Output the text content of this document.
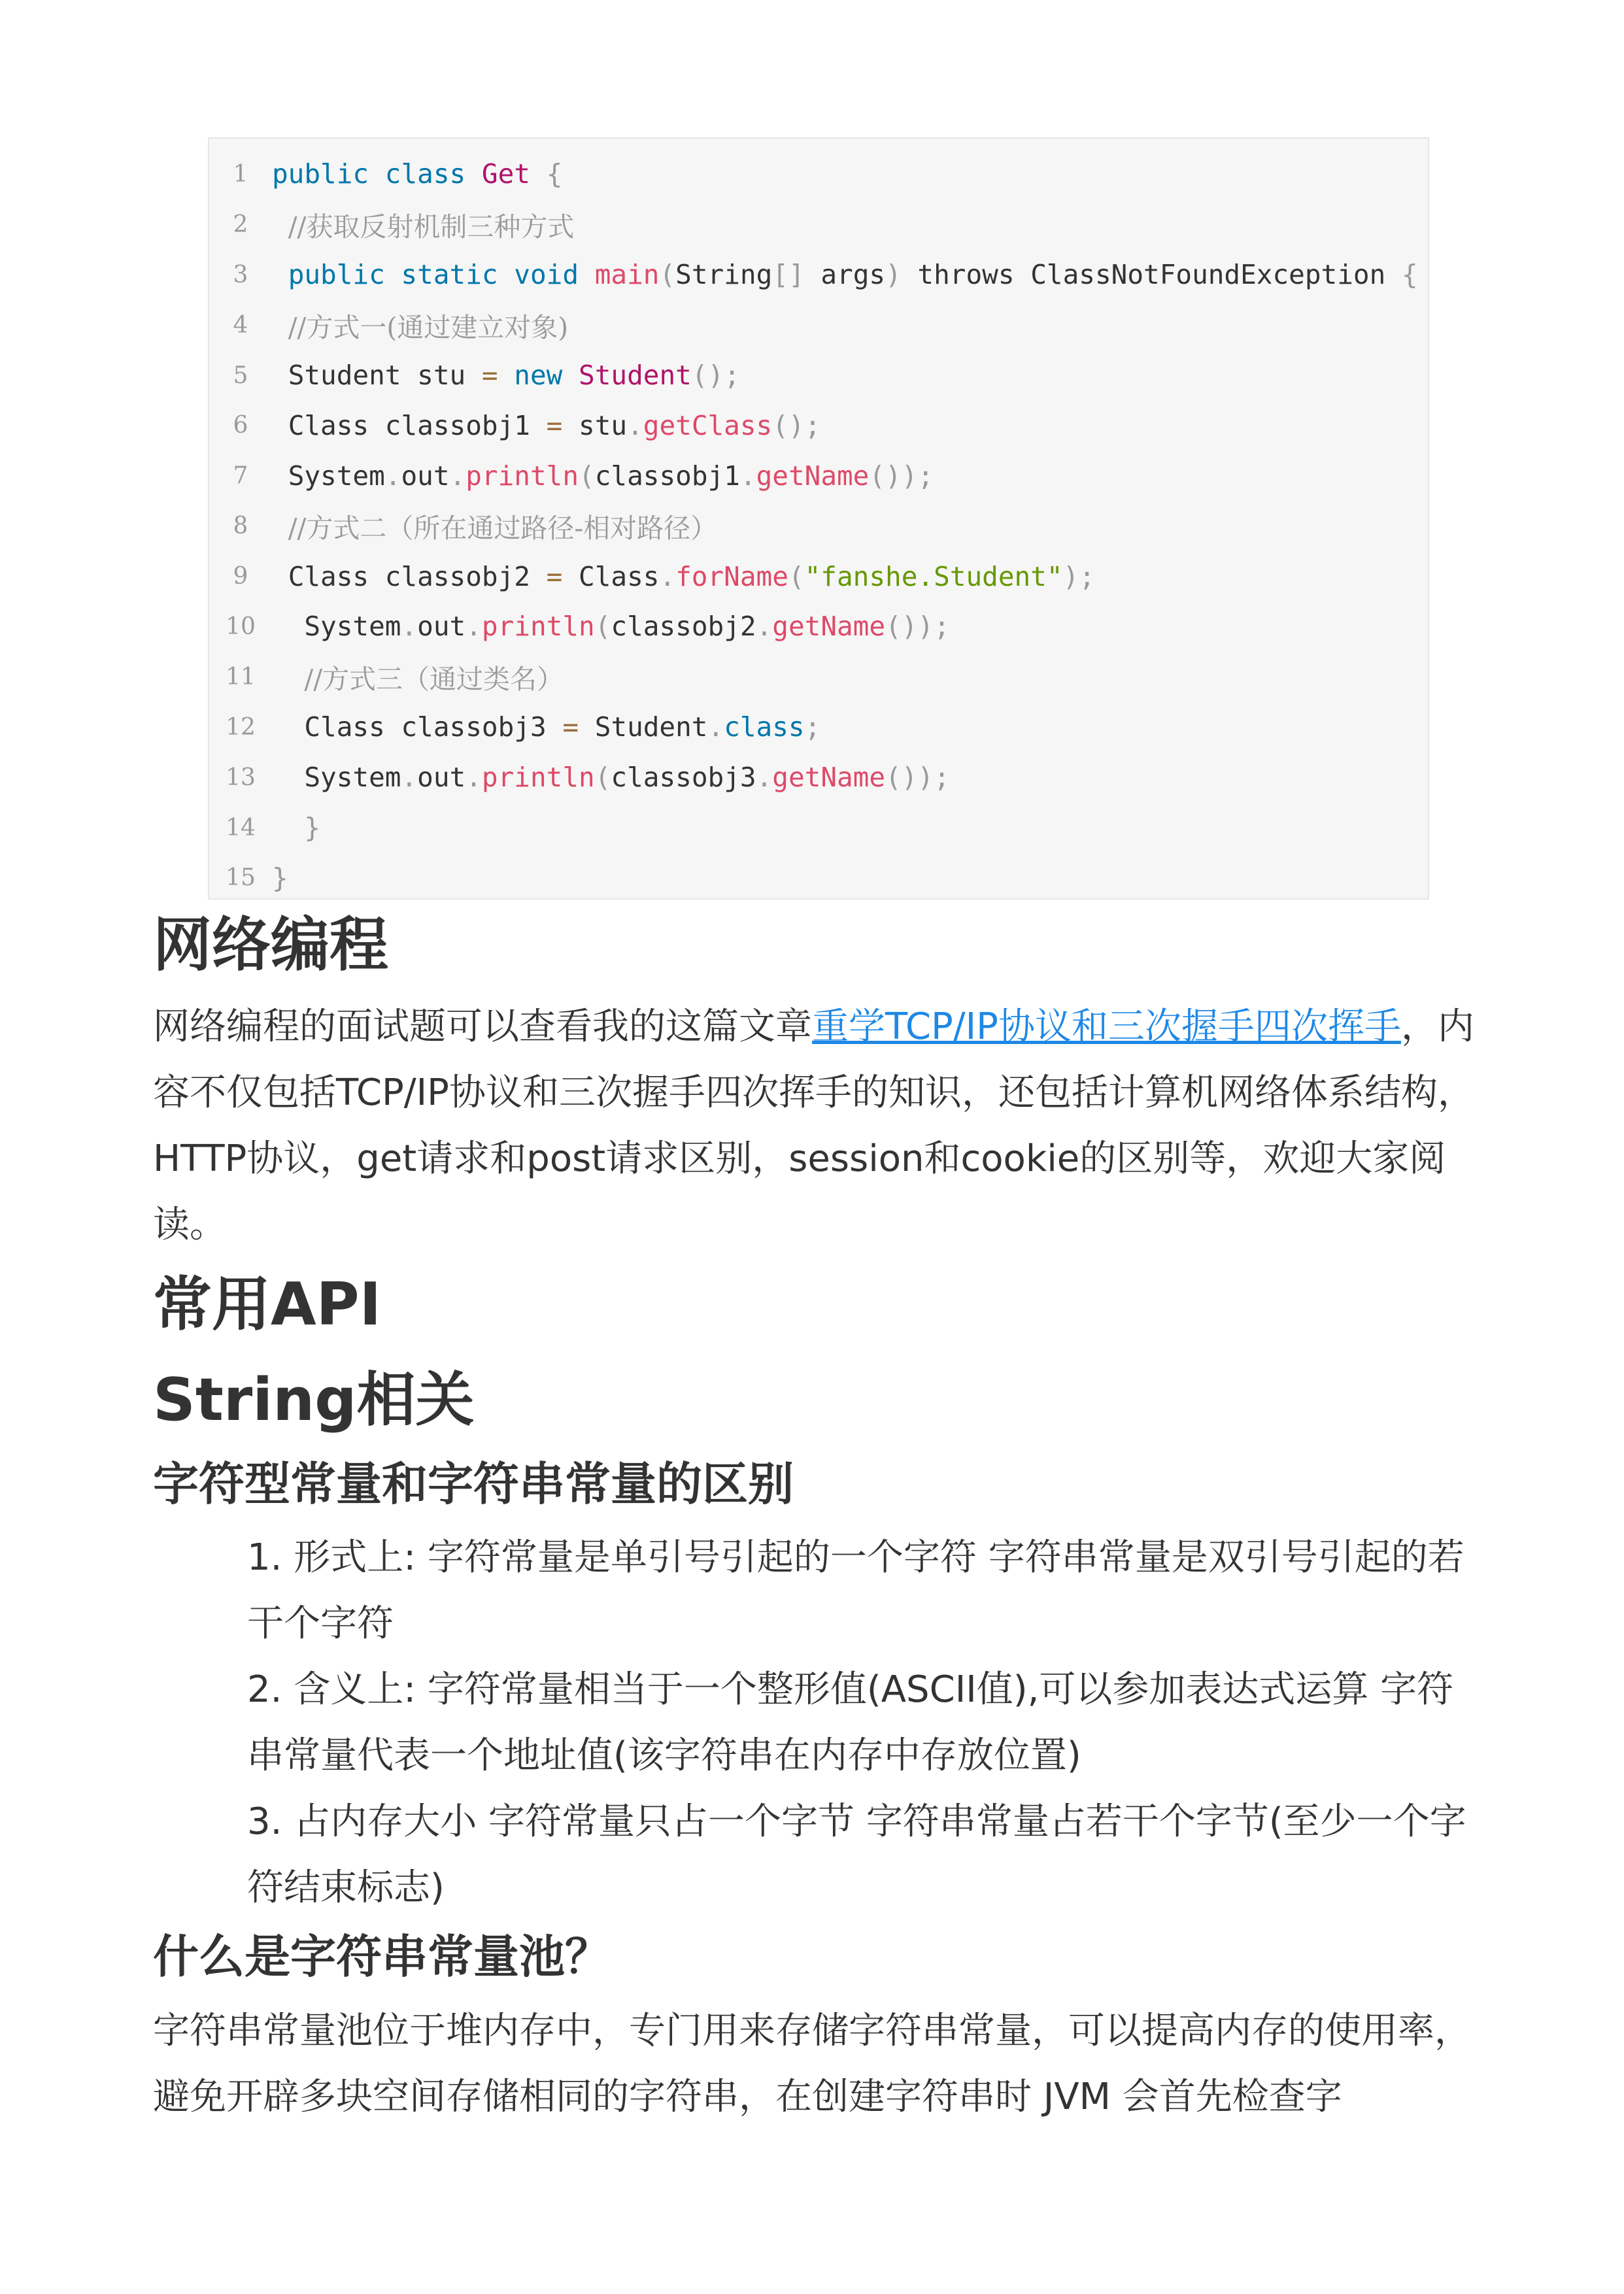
1 public class Get {
2	//获取反射机制三种方式
3	public static void main(String[] args) throws ClassNotFoundException {
4	//方式一(通过建立对象)
5	Student stu = new Student();
6	Class classobj1 = stu.getClass();
7	System.out.println(classobj1.getName());
8	//方式二（所在通过路径-相对路径）
9	Class classobj2 = Class.forName("fanshe.Student");
10	System.out.println(classobj2.getName());
11	//方式三（通过类名）
12	Class classobj3 = Student.class;
13	System.out.println(classobj3.getName());
14	}
15 }
网络编程

网络编程的面试题可以查看我的这篇文章重学TCP/IP协议和三次握手四次挥手，内容不仅包括TCP/IP协议和三次握手四次挥手的知识，还包括计算机网络体系结构，HTTP协议，get请求和post请求区别，session和cookie的区别等，欢迎大家阅读。

常用API
String相关
字符型常量和字符串常量的区别
1. 形式上: 字符常量是单引号引起的一个字符 字符串常量是双引号引起的若干个字符
2. 含义上: 字符常量相当于一个整形值(ASCII值),可以参加表达式运算 字符串常量代表一个地址值(该字符串在内存中存放位置)
3. 占内存大小 字符常量只占一个字节 字符串常量占若干个字节(至少一个字符结束标志)
什么是字符串常量池？

字符串常量池位于堆内存中，专门用来存储字符串常量，可以提高内存的使用率，避免开辟多块空间存储相同的字符串，在创建字符串时 JVM 会首先检查字
